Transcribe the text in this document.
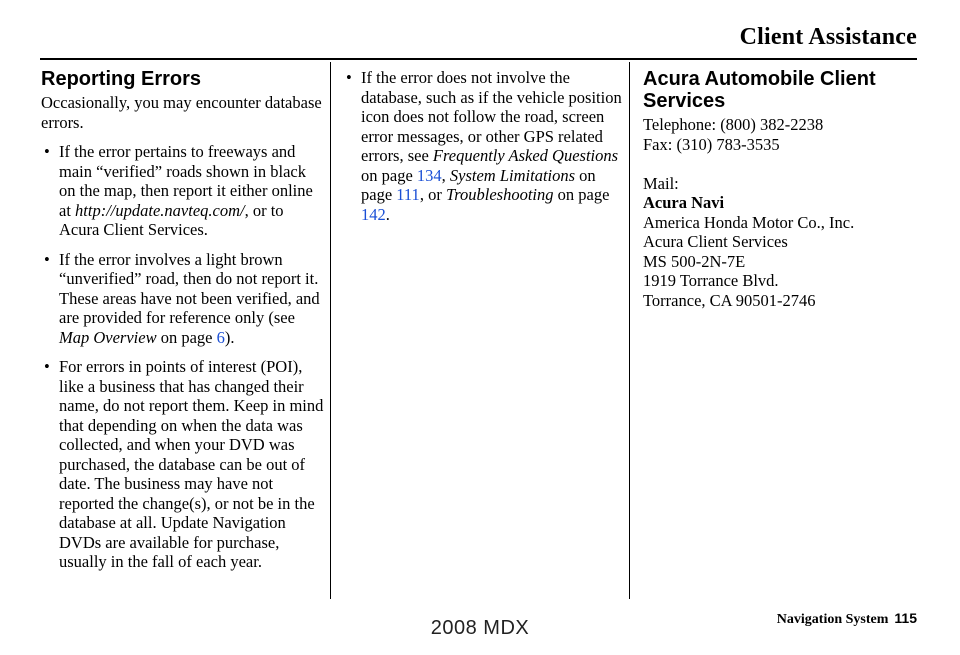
Client Assistance
Reporting Errors

Occasionally, you may encounter database errors.

• If the error pertains to freeways and main “verified” roads shown in black on the map, then report it either online at http://update.navteq.com/, or to Acura Client Services.
• If the error involves a light brown “unverified” road, then do not report it. These areas have not been verified, and are provided for reference only (see Map Overview on page 6).
• For errors in points of interest (POI), like a business that has changed their name, do not report them. Keep in mind that depending on when the data was collected, and when your DVD was purchased, the database can be out of date. The business may have not reported the change(s), or not be in the database at all. Update Navigation DVDs are available for purchase, usually in the fall of each year.
• If the error does not involve the database, such as if the vehicle position icon does not follow the road, screen error messages, or other GPS related errors, see Frequently Asked Questions on page 134, System Limitations on page 111, or Troubleshooting on page 142.
Acura Automobile Client Services
Telephone: (800) 382-2238
Fax: (310) 783-3535
Mail:
Acura Navi
America Honda Motor Co., Inc.
Acura Client Services
MS 500-2N-7E
1919 Torrance Blvd.
Torrance, CA 90501-2746
Navigation System 115
2008 MDX
